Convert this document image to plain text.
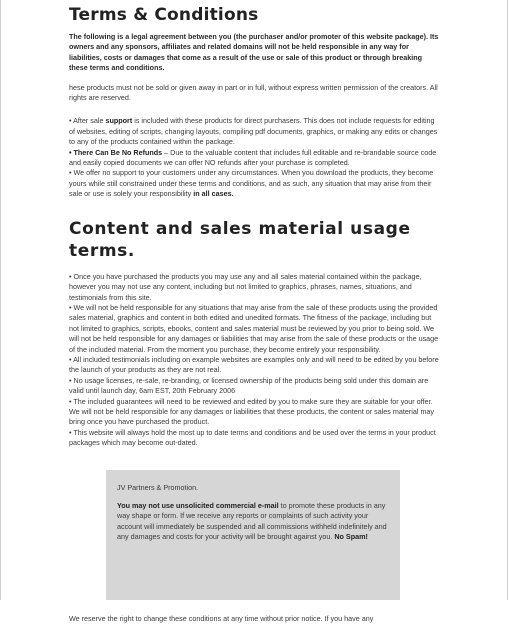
Terms & Conditions

The following is a legal agreement between you (the purchaser and/or promoter of this website package). Its owners and any sponsors, affiliates and related domains will not be held responsible in any way for liabilities, costs or damages that come as a result of the use or sale of this product or through breaking these terms and conditions.

hese products must not be sold or given away in part or in full, without express written permission of the creators. All rights are reserved.

• After sale support is included with these products for direct purchasers. This does not include requests for editing of websites, editing of scripts, changing layouts, compiling pdf documents, graphics, or making any edits or changes to any of the products contained within the package.
• There Can Be No Refunds – Due to the valuable content that includes full editable and re-brandable source code and easily copied documents we can offer NO refunds after your purchase is completed.
• We offer no support to your customers under any circumstances. When you download the products, they become yours while still constrained under these terms and conditions, and as such, any situation that may arise from their sale or use is solely your responsibility in all cases.

Content and sales material usage terms.

• Once you have purchased the products you may use any and all sales material contained within the package, however you may not use any content, including but not limited to graphics, phrases, names, situations, and testimonials from this site.
• We will not be held responsible for any situations that may arise from the sale of these products using the provided sales material, graphics and content in both edited and unedited formats. The fitness of the package, including but not limited to graphics, scripts, ebooks, content and sales material must be reviewed by you prior to being sold. We will not be held responsible for any damages or liabilities that may arise from the sale of these products or the usage of the included material. From the moment you purchase, they become entirely your responsibility.
• All included testimonials including on example websites are examples only and will need to be edited by you before the launch of your products as they are not real.
• No usage licenses, re-sale, re-branding, or licensed ownership of the products being sold under this domain are valid until launch day, 6am EST, 20th February 2006
• The included guarantees will need to be reviewed and edited by you to make sure they are suitable for your offer. We will not be held responsible for any damages or liabilities that these products, the content or sales material may bring once you have purchased the product.
• This website will always hold the most up to date terms and conditions and be used over the terms in your product packages which may become out-dated.

JV Partners & Promotion.

You may not use unsolicited commercial e-mail to promote these products in any way shape or form. If we receive any reports or complaints of such activity your account will immediately be suspended and all commissions withheld indefinitely and any damages and costs for your activity will be brought against you. No Spam!

We reserve the right to change these conditions at any time without prior notice. If you have any
